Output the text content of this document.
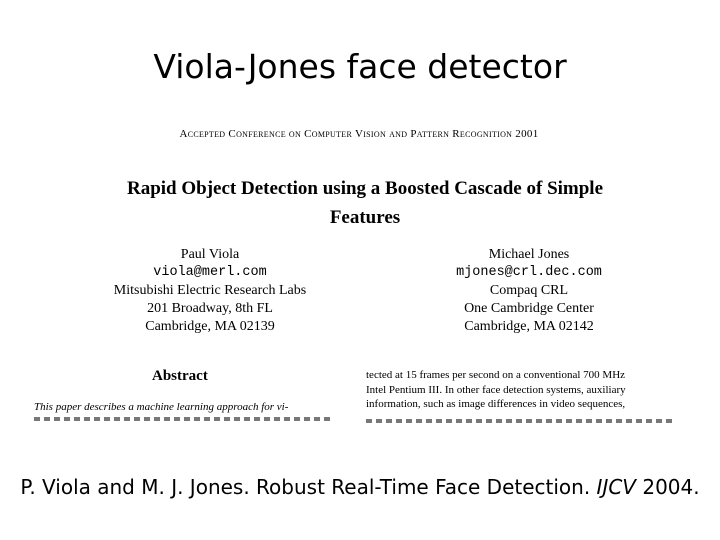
Viola-Jones face detector
Accepted Conference on Computer Vision and Pattern Recognition 2001
Rapid Object Detection using a Boosted Cascade of Simple
Features
Paul Viola
viola@merl.com
Mitsubishi Electric Research Labs
201 Broadway, 8th FL
Cambridge, MA 02139
Michael Jones
mjones@crl.dec.com
Compaq CRL
One Cambridge Center
Cambridge, MA 02142
Abstract
This paper describes a machine learning approach for vi-
tected at 15 frames per second on a conventional 700 MHz
Intel Pentium III. In other face detection systems, auxiliary
information, such as image differences in video sequences,
P. Viola and M. J. Jones. Robust Real-Time Face Detection. IJCV 2004.
